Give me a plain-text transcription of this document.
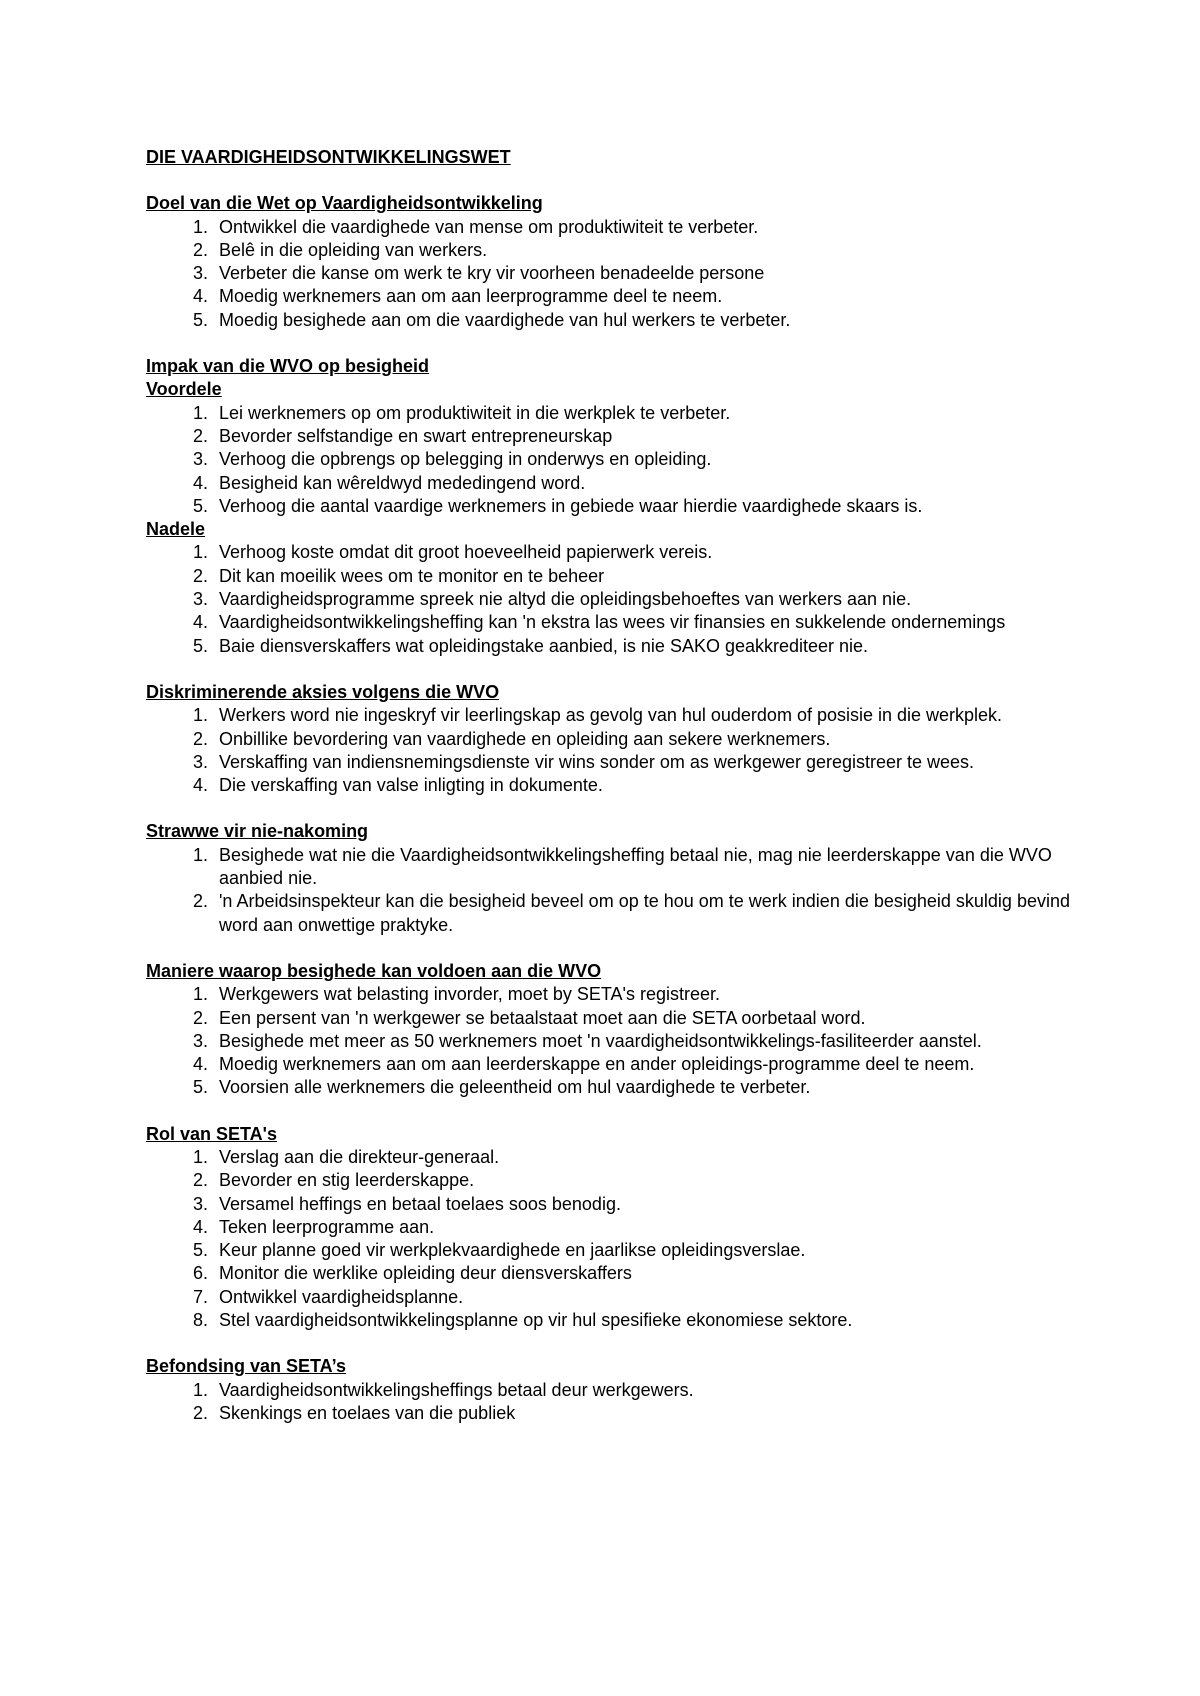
DIE VAARDIGHEIDSONTWIKKELINGSWET

Doel van die Wet op Vaardigheidsontwikkeling

1. Ontwikkel die vaardighede van mense om produktiwiteit te verbeter.
2. Belê in die opleiding van werkers.
3. Verbeter die kanse om werk te kry vir voorheen benadeelde persone
4. Moedig werknemers aan om aan leerprogramme deel te neem.
5. Moedig besighede aan om die vaardighede van hul werkers te verbeter.

Impak van die WVO op besigheid

Voordele

1. Lei werknemers op om produktiwiteit in die werkplek te verbeter.
2. Bevorder selfstandige en swart entrepreneurskap
3. Verhoog die opbrengs op belegging in onderwys en opleiding.
4. Besigheid kan wêreldwyd mededingend word.
5. Verhoog die aantal vaardige werknemers in gebiede waar hierdie vaardighede skaars is.

Nadele

1. Verhoog koste omdat dit groot hoeveelheid papierwerk vereis.
2. Dit kan moeilik wees om te monitor en te beheer
3. Vaardigheidsprogramme spreek nie altyd die opleidingsbehoeftes van werkers aan nie.
4. Vaardigheidsontwikkelingsheffing kan 'n ekstra las wees vir finansies en sukkelende ondernemings
5. Baie diensverskaffers wat opleidingstake aanbied, is nie SAKO geakkrediteer nie.

Diskriminerende aksies volgens die WVO

1. Werkers word nie ingeskryf vir leerlingskap as gevolg van hul ouderdom of posisie in die werkplek.
2. Onbillike bevordering van vaardighede en opleiding aan sekere werknemers.
3. Verskaffing van indiensnemingsdienste vir wins sonder om as werkgewer geregistreer te wees.
4. Die verskaffing van valse inligting in dokumente.

Strawwe vir nie-nakoming

1. Besighede wat nie die Vaardigheidsontwikkelingsheffing betaal nie, mag nie leerderskappe van die WVO aanbied nie.
2. 'n Arbeidsinspekteur kan die besigheid beveel om op te hou om te werk indien die besigheid skuldig bevind word aan onwettige praktyke.

Maniere waarop besighede kan voldoen aan die WVO

1. Werkgewers wat belasting invorder, moet by SETA's registreer.
2. Een persent van 'n werkgewer se betaalstaat moet aan die SETA oorbetaal word.
3. Besighede met meer as 50 werknemers moet 'n vaardigheidsontwikkelings-fasiliteerder aanstel.
4. Moedig werknemers aan om aan leerderskappe en ander opleidings-programme deel te neem.
5. Voorsien alle werknemers die geleentheid om hul vaardighede te verbeter.

Rol van SETA's

1. Verslag aan die direkteur-generaal.
2. Bevorder en stig leerderskappe.
3. Versamel heffings en betaal toelaes soos benodig.
4. Teken leerprogramme aan.
5. Keur planne goed vir werkplekvaardighede en jaarlikse opleidingsverslae.
6. Monitor die werklike opleiding deur diensverskaffers
7. Ontwikkel vaardigheidsplanne.
8. Stel vaardigheidsontwikkelingsplanne op vir hul spesifieke ekonomiese sektore.

Befondsing van SETA’s

1. Vaardigheidsontwikkelingsheffings betaal deur werkgewers.
2. Skenkings en toelaes van die publiek
